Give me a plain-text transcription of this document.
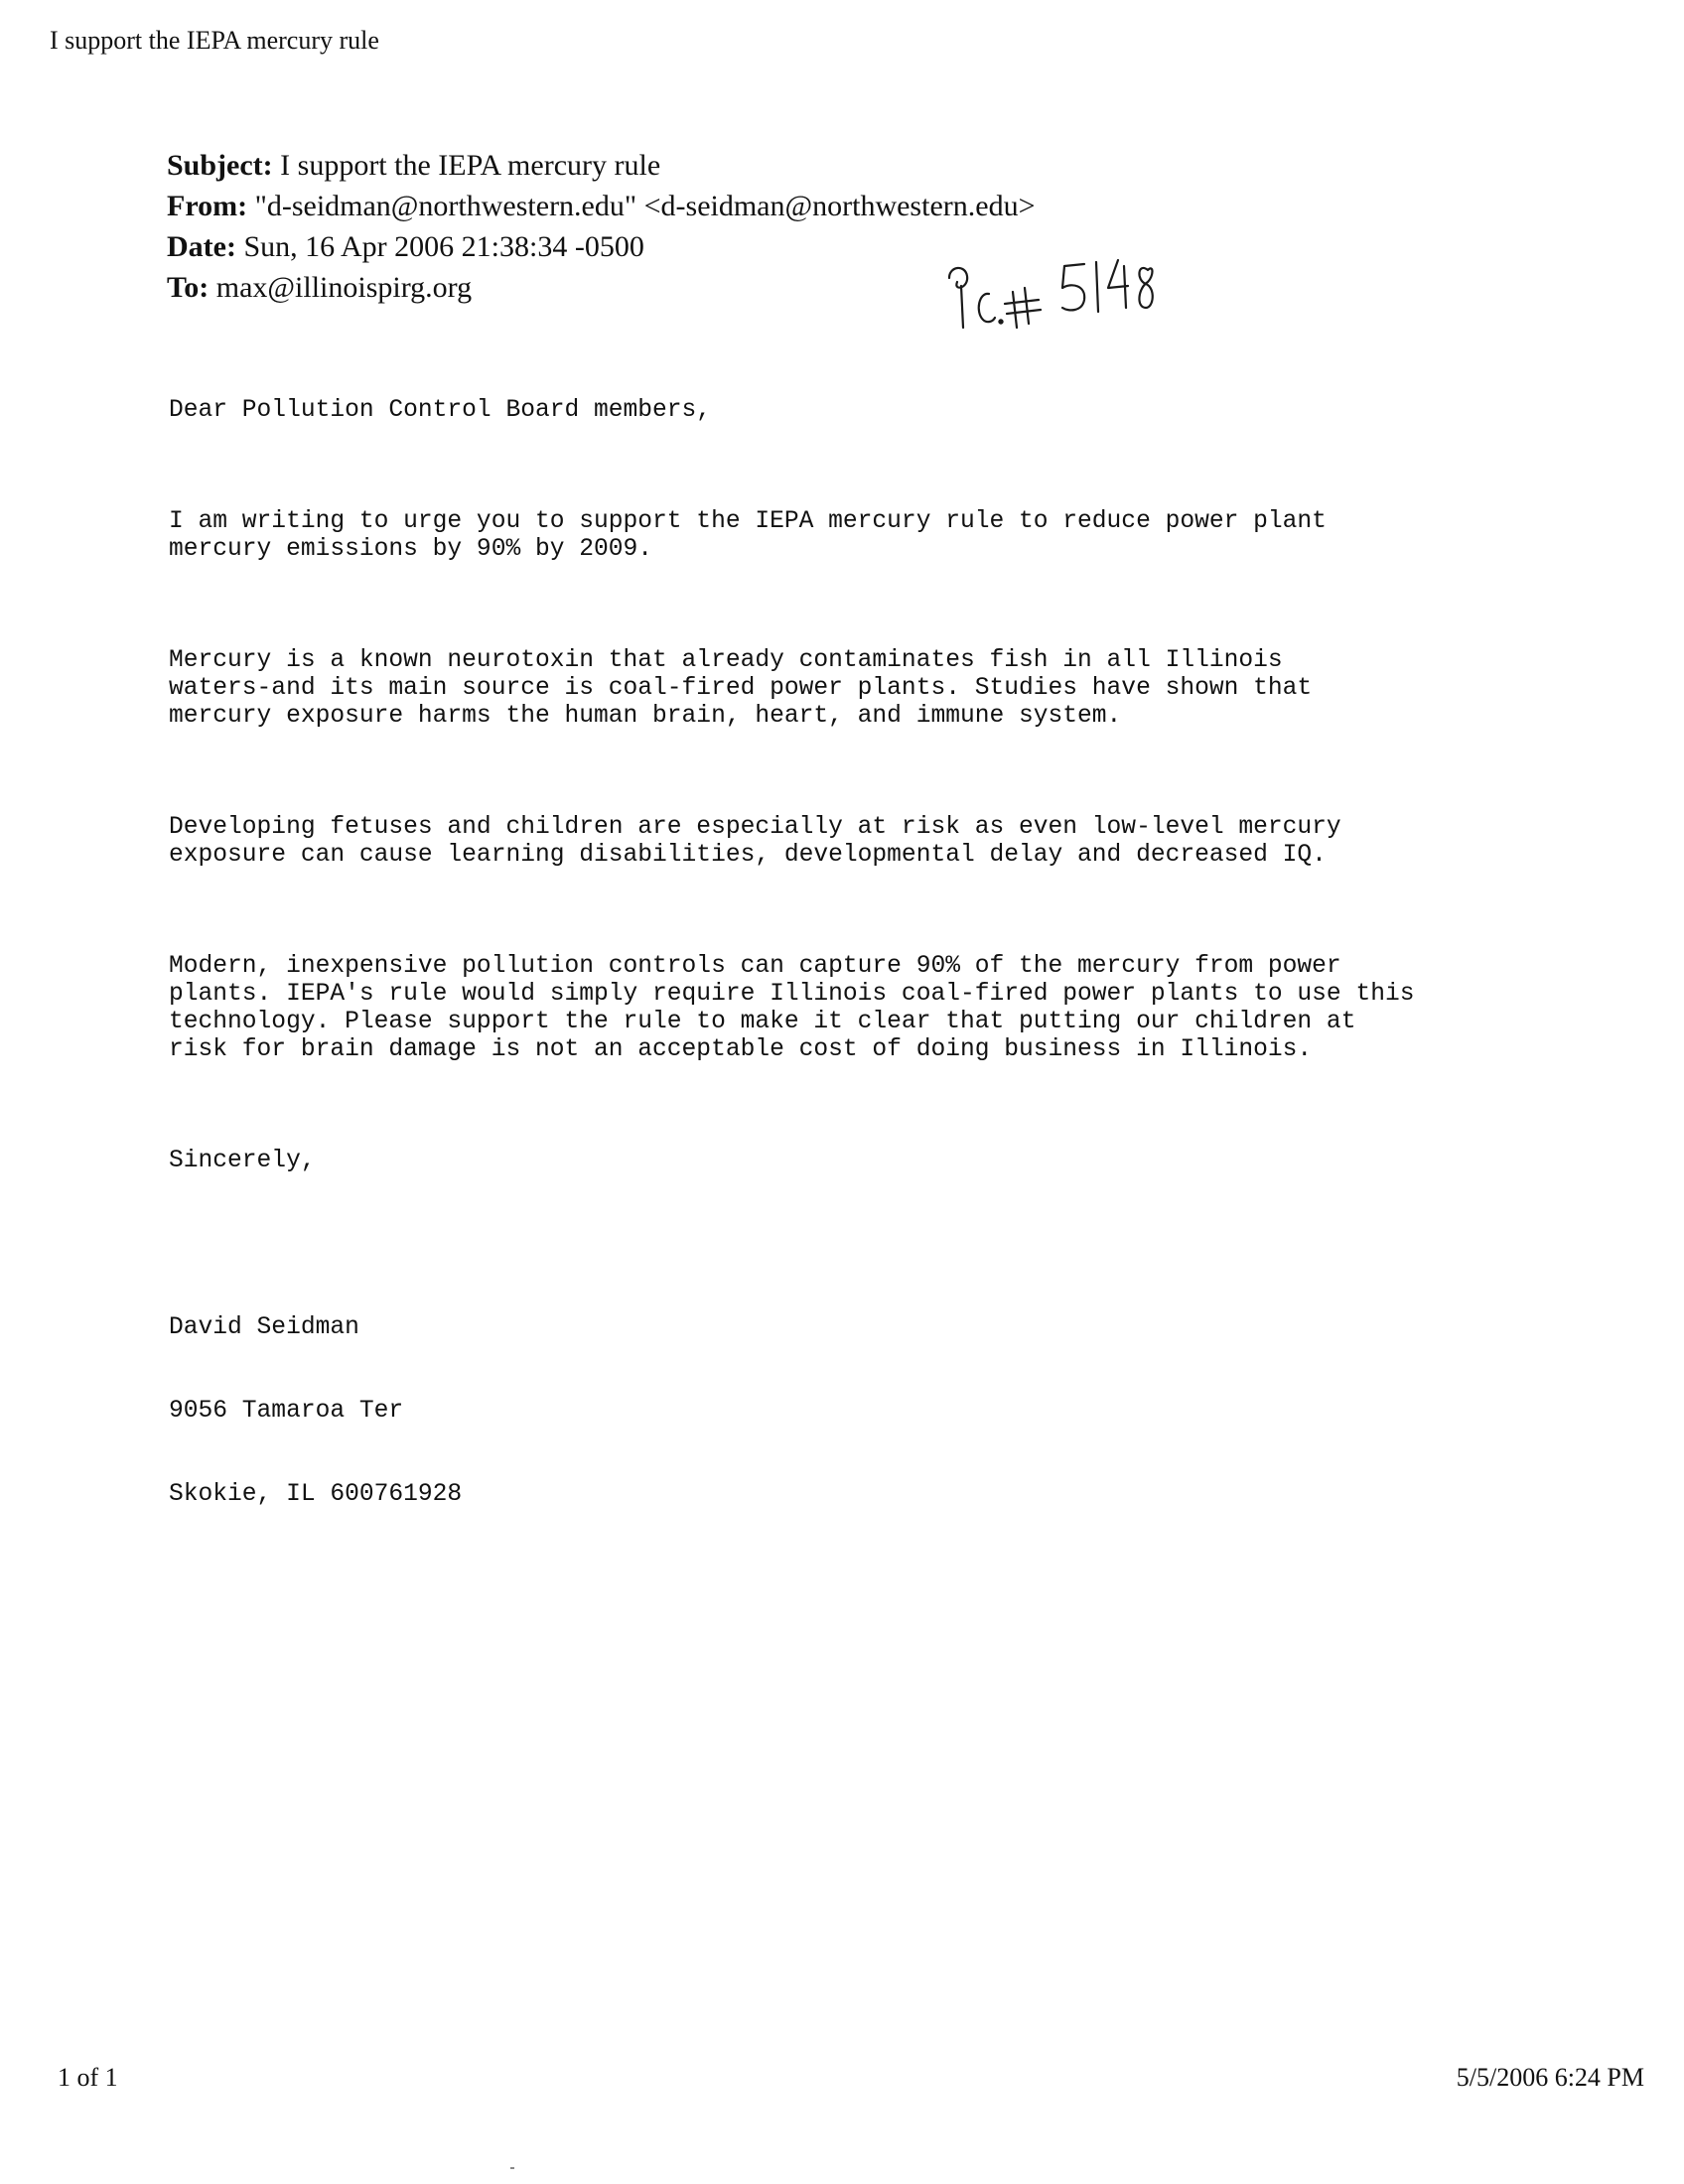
I support the IEPA mercury rule
Subject: I support the IEPA mercury rule
From: "d-seidman@northwestern.edu" <d-seidman@northwestern.edu>
Date: Sun, 16 Apr 2006 21:38:34 -0500
To: max@illinoispirg.org

Dear Pollution Control Board members,

I am writing to urge you to support the IEPA mercury rule to reduce power plant
mercury emissions by 90% by 2009.

Mercury is a known neurotoxin that already contaminates fish in all Illinois
waters-and its main source is coal-fired power plants. Studies have shown that
mercury exposure harms the human brain, heart, and immune system.

Developing fetuses and children are especially at risk as even low-level mercury
exposure can cause learning disabilities, developmental delay and decreased IQ.

Modern, inexpensive pollution controls can capture 90% of the mercury from power
plants. IEPA's rule would simply require Illinois coal-fired power plants to use this
technology. Please support the rule to make it clear that putting our children at
risk for brain damage is not an acceptable cost of doing business in Illinois.

Sincerely,

David Seidman

9056 Tamaroa Ter

Skokie, IL 600761928

1 of 1	5/5/2006 6:24 PM
